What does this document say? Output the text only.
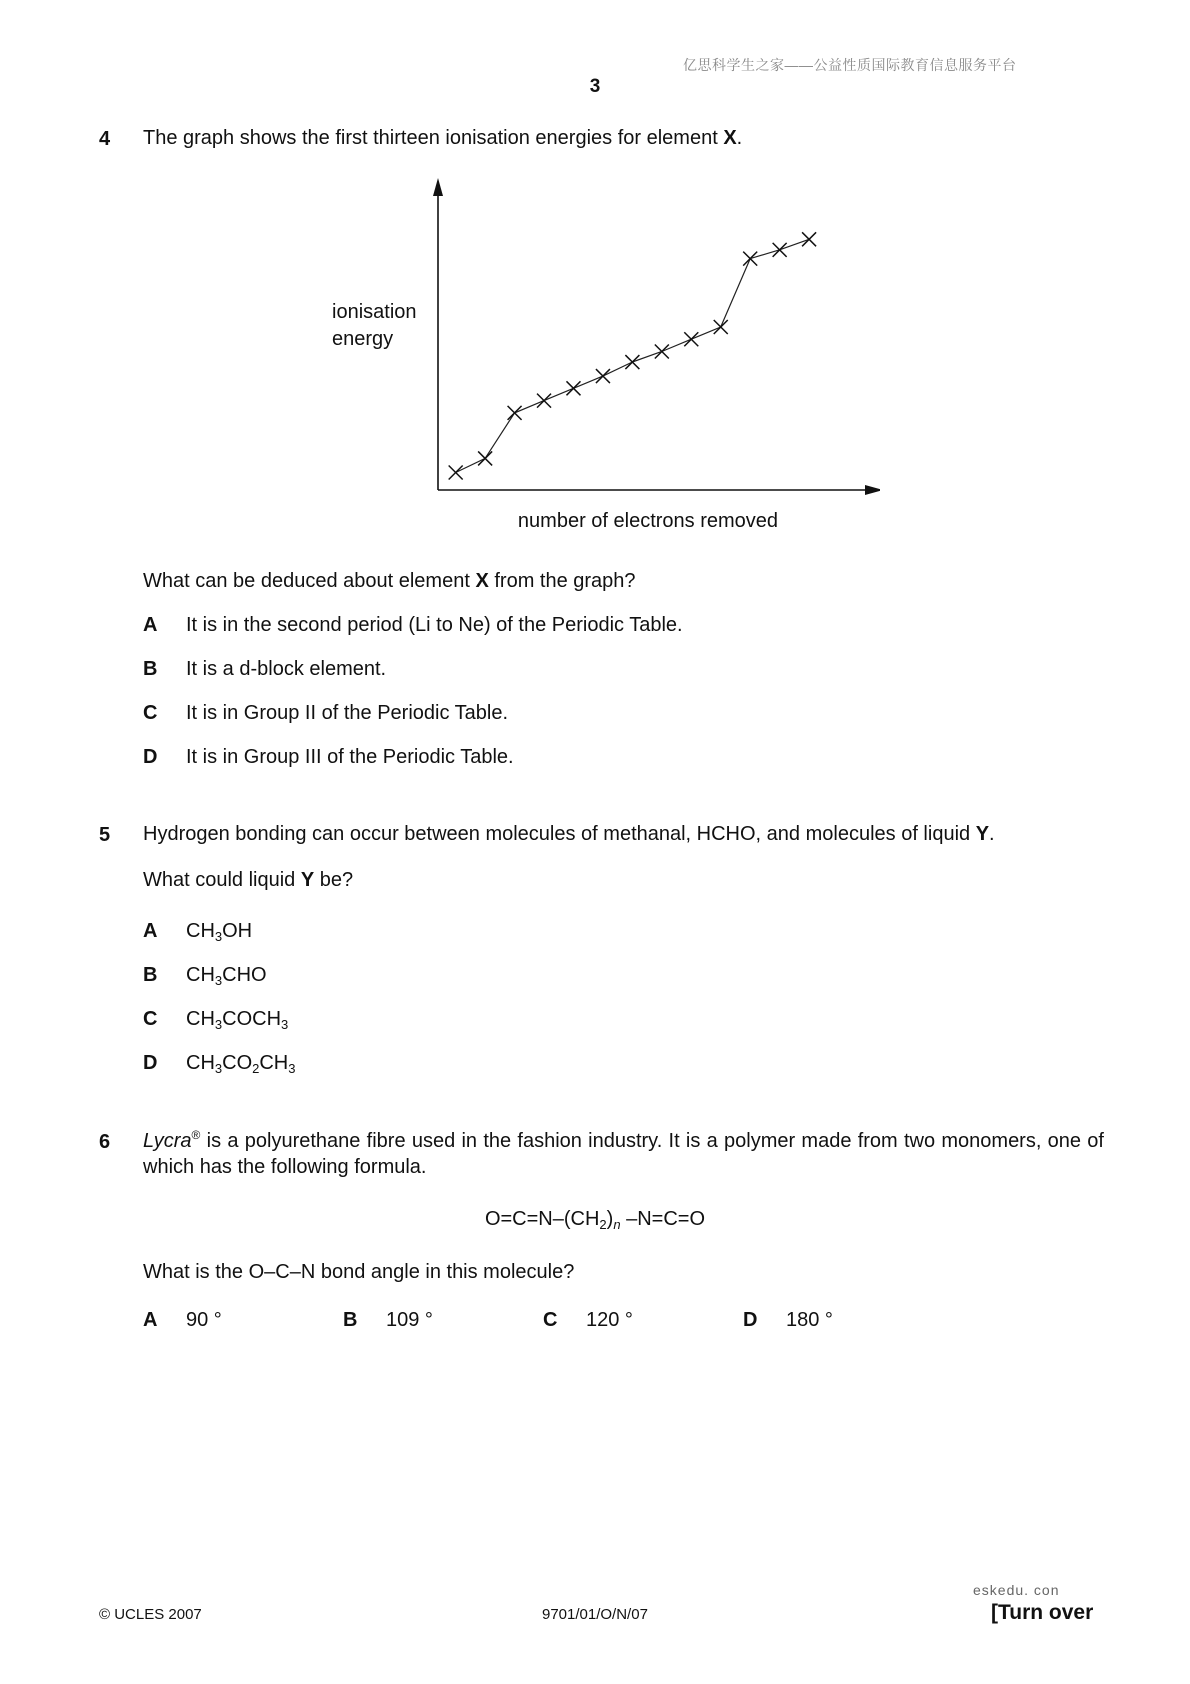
亿思科学生之家——公益性质国际教育信息服务平台
3
4 The graph shows the first thirteen ionisation energies for element X.
ionisation
energy
number of electrons removed
What can be deduced about element X from the graph?
A It is in the second period (Li to Ne) of the Periodic Table.
B It is a d-block element.
C It is in Group II of the Periodic Table.
D It is in Group III of the Periodic Table.
5 Hydrogen bonding can occur between molecules of methanal, HCHO, and molecules of liquid Y.
What could liquid Y be?
A $CH_3OH$
B $CH_3CHO$
C $CH_3COCH_3$
D $CH_3CO_2CH_3$
6 Lycra® is a polyurethane fibre used in the fashion industry. It is a polymer made from two monomers, one of which has the following formula.
$O=C=N-(CH_2)_n$ –N=C=O
What is the O–C–N bond angle in this molecule?
A 90 °	B 109 °	C 120 °	D 180 °
eskedu. con
© UCLES 2007	9701/01/O/N/07	[Turn over
